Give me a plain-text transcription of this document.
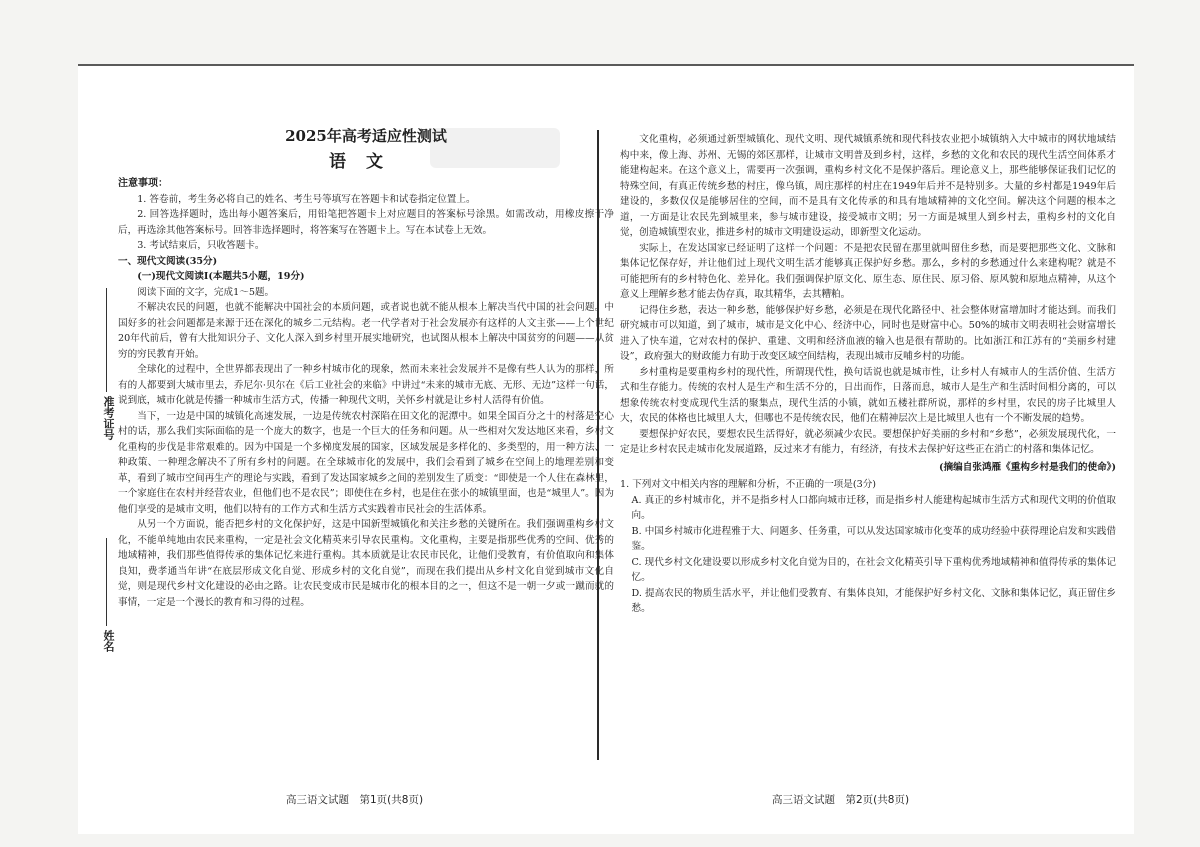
准考证号
姓名

2025年高考适应性测试

语文

注意事项：

1. 答卷前，考生务必将自己的姓名、考生号等填写在答题卡和试卷指定位置上。

2. 回答选择题时，选出每小题答案后，用铅笔把答题卡上对应题目的答案标号涂黑。如需改动，用橡皮擦干净后，再选涂其他答案标号。回答非选择题时，将答案写在答题卡上。写在本试卷上无效。

3. 考试结束后，只收答题卡。

一、现代文阅读(35分)

(一)现代文阅读Ⅰ(本题共5小题，19分)

阅读下面的文字，完成1～5题。

不解决农民的问题，也就不能解决中国社会的本质问题，或者说也就不能从根本上解决当代中国的社会问题。中国好多的社会问题都是来源于还在深化的城乡二元结构。老一代学者对于社会发展亦有这样的人文主张——上个世纪20年代前后，曾有大批知识分子、文化人深入到乡村里开展实地研究，也试图从根本上解决中国贫穷的问题——从贫穷的穷民教育开始。

全球化的过程中，全世界都表现出了一种乡村城市化的现象，然而未来社会发展并不是像有些人认为的那样，所有的人都要到大城市里去，乔尼尔·贝尔在《后工业社会的来临》中讲过“未来的城市无底、无形、无边”这样一句话，说到底，城市化就是传播一种城市生活方式，传播一种现代文明，关怀乡村就是让乡村人活得有价值。

当下，一边是中国的城镇化高速发展，一边是传统农村深陷在田文化的泥潭中。如果全国百分之十的村落是空心村的话，那么我们实际面临的是一个庞大的数字，也是一个巨大的任务和问题。从一些相对欠发达地区来看，乡村文化重构的步伐是非常艰难的。因为中国是一个多梯度发展的国家，区域发展是多样化的、多类型的，用一种方法、一种政策、一种理念解决不了所有乡村的问题。在全球城市化的发展中，我们会看到了城乡在空间上的地理差别和变革，看到了城市空间再生产的理论与实践，看到了发达国家城乡之间的差别发生了质变：“即使是一个人住在森林里，一个家庭住在农村并经营农业，但他们也不是农民”；即使住在乡村，也是住在张小的城镇里面，也是“城里人”。因为他们享受的是城市文明，他们以特有的工作方式和生活方式实践着市民社会的生活体系。

从另一个方面说，能否把乡村的文化保护好，这是中国新型城镇化和关注乡愁的关键所在。我们强调重构乡村文化，不能单纯地由农民来重构，一定是社会文化精英来引导农民重构。文化重构，主要是指那些优秀的空间、优秀的地域精神，我们那些值得传承的集体记忆来进行重构。其本质就是让农民市民化，让他们受教育，有价值取向和集体良知，费孝通当年讲“在底层形成文化自觉、形成乡村的文化自觉”，而现在我们提出从乡村文化自觉到城市文化自觉，则是现代乡村文化建设的必由之路。让农民变成市民是城市化的根本目的之一，但这不是一朝一夕或一蹴而就的事情，一定是一个漫长的教育和习得的过程。

文化重构，必须通过新型城镇化、现代文明、现代城镇系统和现代科技农业把小城镇纳入大中城市的网状地域结构中来，像上海、苏州、无锡的郊区那样，让城市文明普及到乡村，这样，乡愁的文化和农民的现代生活空间体系才能建构起来。在这个意义上，需要再一次强调，重构乡村文化不是保护落后。理论意义上，那些能够保证我们记忆的特殊空间，有真正传统乡愁的村庄，像乌镇，周庄那样的村庄在1949年后并不是特别多。大量的乡村都是1949年后建设的，多数仅仅是能够居住的空间，而不是具有文化传承的和具有地域精神的文化空间。解决这个问题的根本之道，一方面是让农民先到城里来，参与城市建设，接受城市文明；另一方面是城里人到乡村去，重构乡村的文化自觉，创造城镇型农业，推进乡村的城市文明建设运动，即新型文化运动。

实际上，在发达国家已经证明了这样一个问题：不是把农民留在那里就叫留住乡愁，而是要把那些文化、文脉和集体记忆保存好，并让他们过上现代文明生活才能够真正保护好乡愁。那么，乡村的乡愁通过什么来建构呢？就是不可能把所有的乡村特色化、差异化。我们强调保护原文化、原生态、原住民、原习俗、原风貌和原地点精神，从这个意义上理解乡愁才能去伪存真，取其精华，去其糟粕。

记得住乡愁，表达一种乡愁，能够保护好乡愁，必须是在现代化路径中、社会整体财富增加时才能达到。而我们研究城市可以知道，到了城市，城市是文化中心、经济中心，同时也是财富中心。50%的城市文明表明社会财富增长进入了快车道，它对农村的保护、重建、文明和经济血液的输入也是很有帮助的。比如浙江和江苏有的“美丽乡村建设”，政府强大的财政能力有助于改变区域空间结构，表现出城市反哺乡村的功能。

乡村重构是要重构乡村的现代性，所谓现代性，换句话说也就是城市性，让乡村人有城市人的生活价值、生活方式和生存能力。传统的农村人是生产和生活不分的，日出而作，日落而息，城市人是生产和生活时间相分离的，可以想象传统农村变成现代生活的聚集点，现代生活的小镇，就如五楼社群所说，那样的乡村里，农民的房子比城里人大，农民的体格也比城里人大，但哪也不是传统农民，他们在精神层次上是比城里人也有一个不断发展的趋势。

要想保护好农民，要想农民生活得好，就必须减少农民。要想保护好美丽的乡村和“乡愁”，必须发展现代化，一定是让乡村农民走城市化发展道路，反过来才有能力，有经济，有技术去保护好这些正在消亡的村落和集体记忆。

(摘编自张鸿雁《重构乡村是我们的使命》)

1. 下列对文中相关内容的理解和分析，不正确的一项是(3分)

A. 真正的乡村城市化，并不是指乡村人口都向城市迁移，而是指乡村人能建构起城市生活方式和现代文明的价值取向。

B. 中国乡村城市化进程雅于大、问题多、任务重，可以从发达国家城市化变革的成功经验中获得理论启发和实践借鉴。

C. 现代乡村文化建设要以形成乡村文化自觉为目的，在社会文化精英引导下重构优秀地域精神和值得传承的集体记忆。

D. 提高农民的物质生活水平，并让他们受教育、有集体良知，才能保护好乡村文化、文脉和集体记忆，真正留住乡愁。

高三语文试题　第1页(共8页)	高三语文试题　第2页(共8页)
